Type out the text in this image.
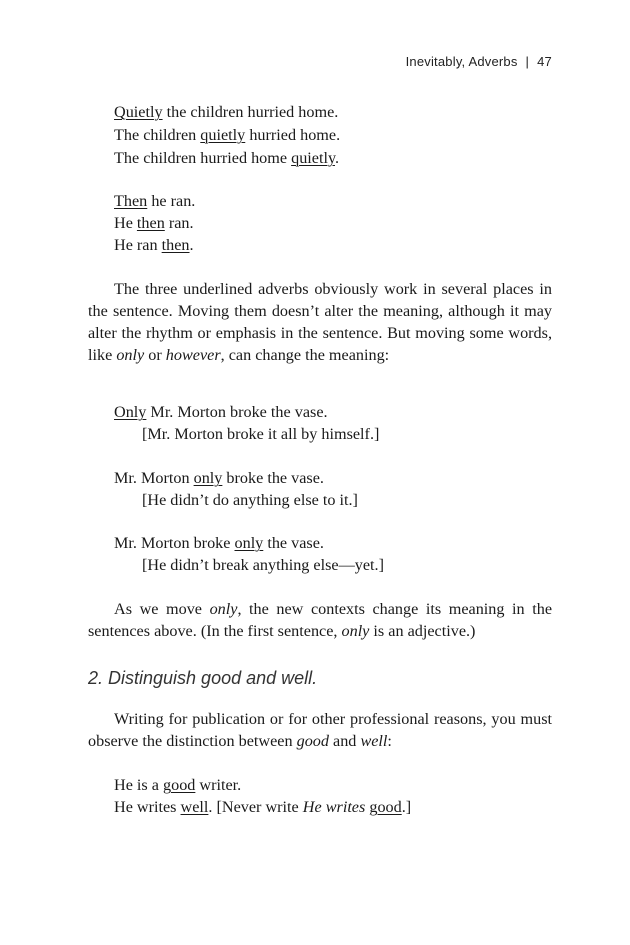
Inevitably, Adverbs | 47
Quietly the children hurried home.
The children quietly hurried home.
The children hurried home quietly.
Then he ran.
He then ran.
He ran then.
The three underlined adverbs obviously work in several places in the sentence. Moving them doesn’t alter the meaning, although it may alter the rhythm or emphasis in the sentence. But moving some words, like only or however, can change the meaning:
Only Mr. Morton broke the vase.
[Mr. Morton broke it all by himself.]
Mr. Morton only broke the vase.
[He didn’t do anything else to it.]
Mr. Morton broke only the vase.
[He didn’t break anything else—yet.]
As we move only, the new contexts change its meaning in the sentences above. (In the first sentence, only is an adjective.)
2. Distinguish good and well.
Writing for publication or for other professional reasons, you must observe the distinction between good and well:
He is a good writer.
He writes well. [Never write He writes good.]
